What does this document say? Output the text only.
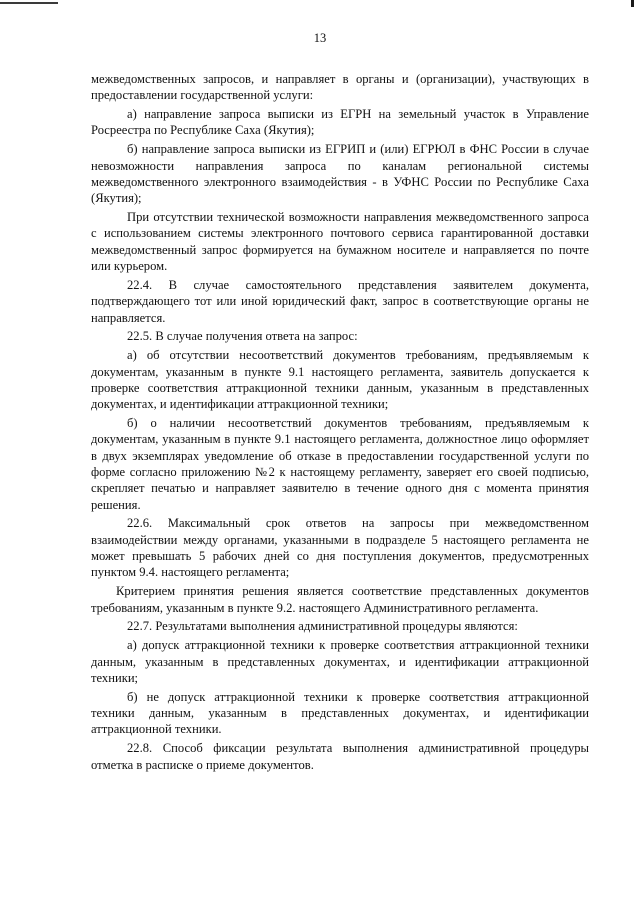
13

межведомственных запросов, и направляет в органы и (организации), участвующих в предоставлении государственной услуги:

а) направление запроса выписки из ЕГРН на земельный участок в Управление Росреестра по Республике Саха (Якутия);

б) направление запроса выписки из ЕГРИП и (или) ЕГРЮЛ в ФНС России в случае невозможности направления запроса по каналам региональной системы межведомственного электронного взаимодействия - в УФНС России по Республике Саха (Якутия);

При отсутствии технической возможности направления межведомственного запроса с использованием системы электронного почтового сервиса гарантированной доставки межведомственный запрос формируется на бумажном носителе и направляется по почте или курьером.

22.4. В случае самостоятельного представления заявителем документа, подтверждающего тот или иной юридический факт, запрос в соответствующие органы не направляется.

22.5. В случае получения ответа на запрос:

а) об отсутствии несоответствий документов требованиям, предъявляемым к документам, указанным в пункте 9.1 настоящего регламента, заявитель допускается к проверке соответствия аттракционной техники данным, указанным в представленных документах, и идентификации аттракционной техники;

б) о наличии несоответствий документов требованиям, предъявляемым к документам, указанным в пункте 9.1 настоящего регламента, должностное лицо оформляет в двух экземплярах уведомление об отказе в предоставлении государственной услуги по форме согласно приложению №2 к настоящему регламенту, заверяет его своей подписью, скрепляет печатью и направляет заявителю в течение одного дня с момента принятия решения.

22.6. Максимальный срок ответов на запросы при межведомственном взаимодействии между органами, указанными в подразделе 5 настоящего регламента не может превышать 5 рабочих дней со дня поступления документов, предусмотренных пунктом 9.4. настоящего регламента;

Критерием принятия решения является соответствие представленных документов требованиям, указанным в пункте 9.2. настоящего Административного регламента.

22.7. Результатами выполнения административной процедуры являются:

а) допуск аттракционной техники к проверке соответствия аттракционной техники данным, указанным в представленных документах, и идентификации аттракционной техники;

б) не допуск аттракционной техники к проверке соответствия аттракционной техники данным, указанным в представленных документах, и идентификации аттракционной техники.

22.8. Способ фиксации результата выполнения административной процедуры отметка в расписке о приеме документов.
